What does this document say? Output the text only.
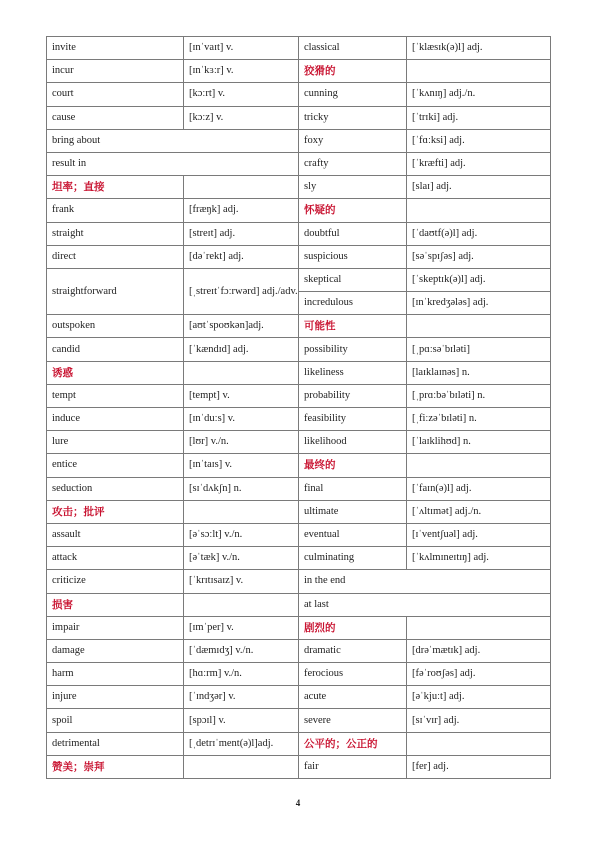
invite	[ɪnˈvaɪt] v.	classical	[ˈklæsɪk(ə)l] adj.
incur	[ɪnˈkɜːr] v.	狡猾的	
court	[kɔːrt] v.	cunning	[ˈkʌnɪŋ] adj./n.
cause	[kɔːz] v.	tricky	[ˈtrɪki] adj.
bring about		foxy	[ˈfɑːksi] adj.
result in		crafty	[ˈkræfti] adj.
坦率；直接		sly	[slaɪ] adj.
frank	[fræŋk] adj.	怀疑的	
straight	[streɪt] adj.	doubtful	[ˈdaʊtf(ə)l] adj.
direct	[dəˈrekt] adj.	suspicious	[səˈspɪʃəs] adj.
straightforward	[ˌstreɪtˈfɔːrwərd] adj./adv.	skeptical	[ˈskeptɪk(ə)l] adj.
		incredulous	[ɪnˈkredʒələs] adj.
outspoken	[aʊtˈspoʊkən]adj.	可能性	
candid	[ˈkændɪd] adj.	possibility	[ˌpɑːsəˈbɪləti]
诱惑		likeliness	[laɪklaɪnəs] n.
tempt	[tempt] v.	probability	[ˌprɑːbəˈbɪləti] n.
induce	[ɪnˈduːs] v.	feasibility	[ˌfiːzəˈbɪləti] n.
lure	[lʊr] v./n.	likelihood	[ˈlaɪklihʊd] n.
entice	[ɪnˈtaɪs] v.	最终的	
seduction	[sɪˈdʌkʃn] n.	final	[ˈfaɪn(ə)l] adj.
攻击；批评		ultimate	[ˈʌltɪmət] adj./n.
assault	[əˈsɔːlt] v./n.	eventual	[ɪˈventʃuəl] adj.
attack	[əˈtæk] v./n.	culminating	[ˈkʌlmɪneɪtɪŋ] adj.
criticize	[ˈkrɪtɪsaɪz] v.	in the end	
损害		at last	
impair	[ɪmˈper] v.	剧烈的	
damage	[ˈdæmɪdʒ] v./n.	dramatic	[drəˈmætɪk] adj.
harm	[hɑːrm] v./n.	ferocious	[fəˈroʊʃəs] adj.
injure	[ˈɪndʒər] v.	acute	[əˈkjuːt] adj.
spoil	[spɔɪl] v.	severe	[sɪˈvɪr] adj.
detrimental	[ˌdetrɪˈment(ə)l]adj.	公平的；公正的	
赞美；崇拜		fair	[fer] adj.
4
